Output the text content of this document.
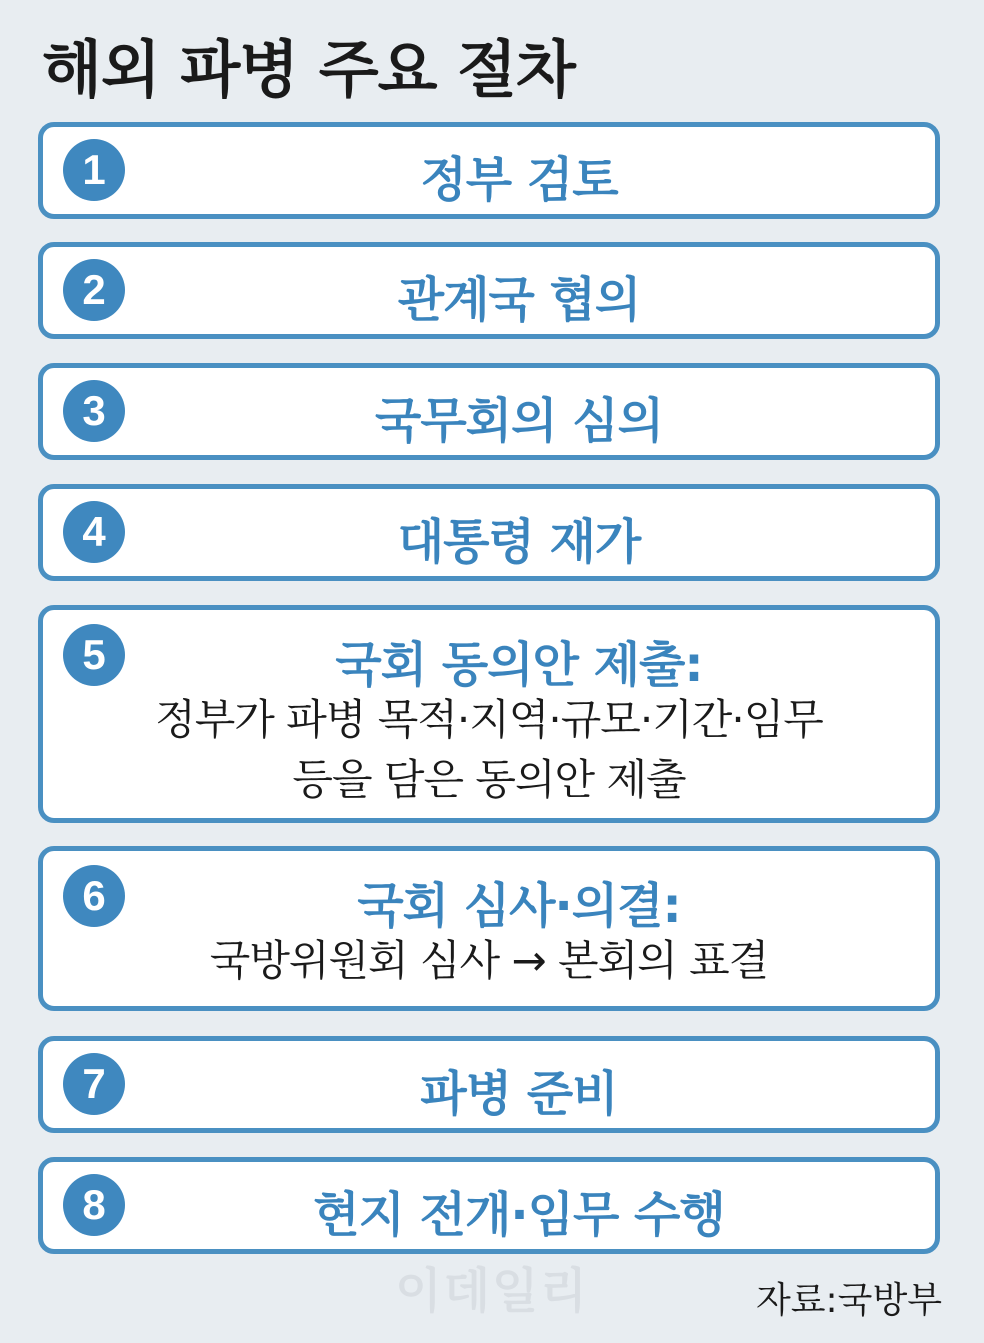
해외 파병 주요 절차
1	정부 검토
2	관계국 협의
3	국무회의 심의
4	대통령 재가
5	국회 동의안 제출:
정부가 파병 목적·지역·규모·기간·임무
등을 담은 동의안 제출
6	국회 심사·의결:
국방위원회 심사 → 본회의 표결
7	파병 준비
8	현지 전개·임무 수행
이데일리	자료:국방부
